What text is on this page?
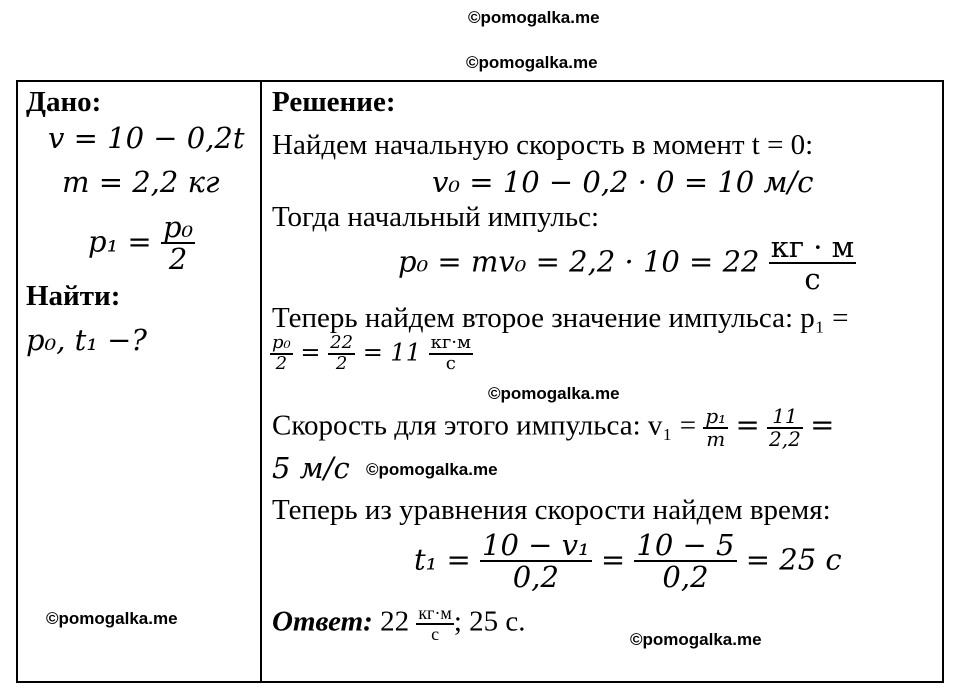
©pomogalka.me
©pomogalka.me
Дано:
v = 10 − 0,2t
m = 2,2 кг
$p_1 = \frac{\text{p₀}}{2}$
Найти:
p₀, t₁ −?
Решение:
Найдем начальную скорость в момент t = 0:
v₀ = 10 − 0,2 · 0 = 10 м/с
Тогда начальный импульс:
$p_0 = mv_0 = 2,2 \cdot 10 = 22 \frac{кг \cdot м}{с}$
Теперь найдем второе значение импульса: p₁ =
$\frac{\text{p₀}}{2} = \frac{22}{2} = 11 \frac{кг\cdot м}{с}$
©pomogalka.me
Скорость для этого импульса: $v_1 = \frac{\text{p₁}}{m} = \frac{11}{2,2}$ =
5 м/с ©pomogalka.me
Теперь из уравнения скорости найдем время:
$t_1 = \frac{\text{10 − v₁}}{0,2} = \frac{10 - 5}{0,2} = 25$ с
Ответ: $22 \frac{кг\cdot м}{с}$ ; 25 с.
©pomogalka.me
©pomogalka.me
